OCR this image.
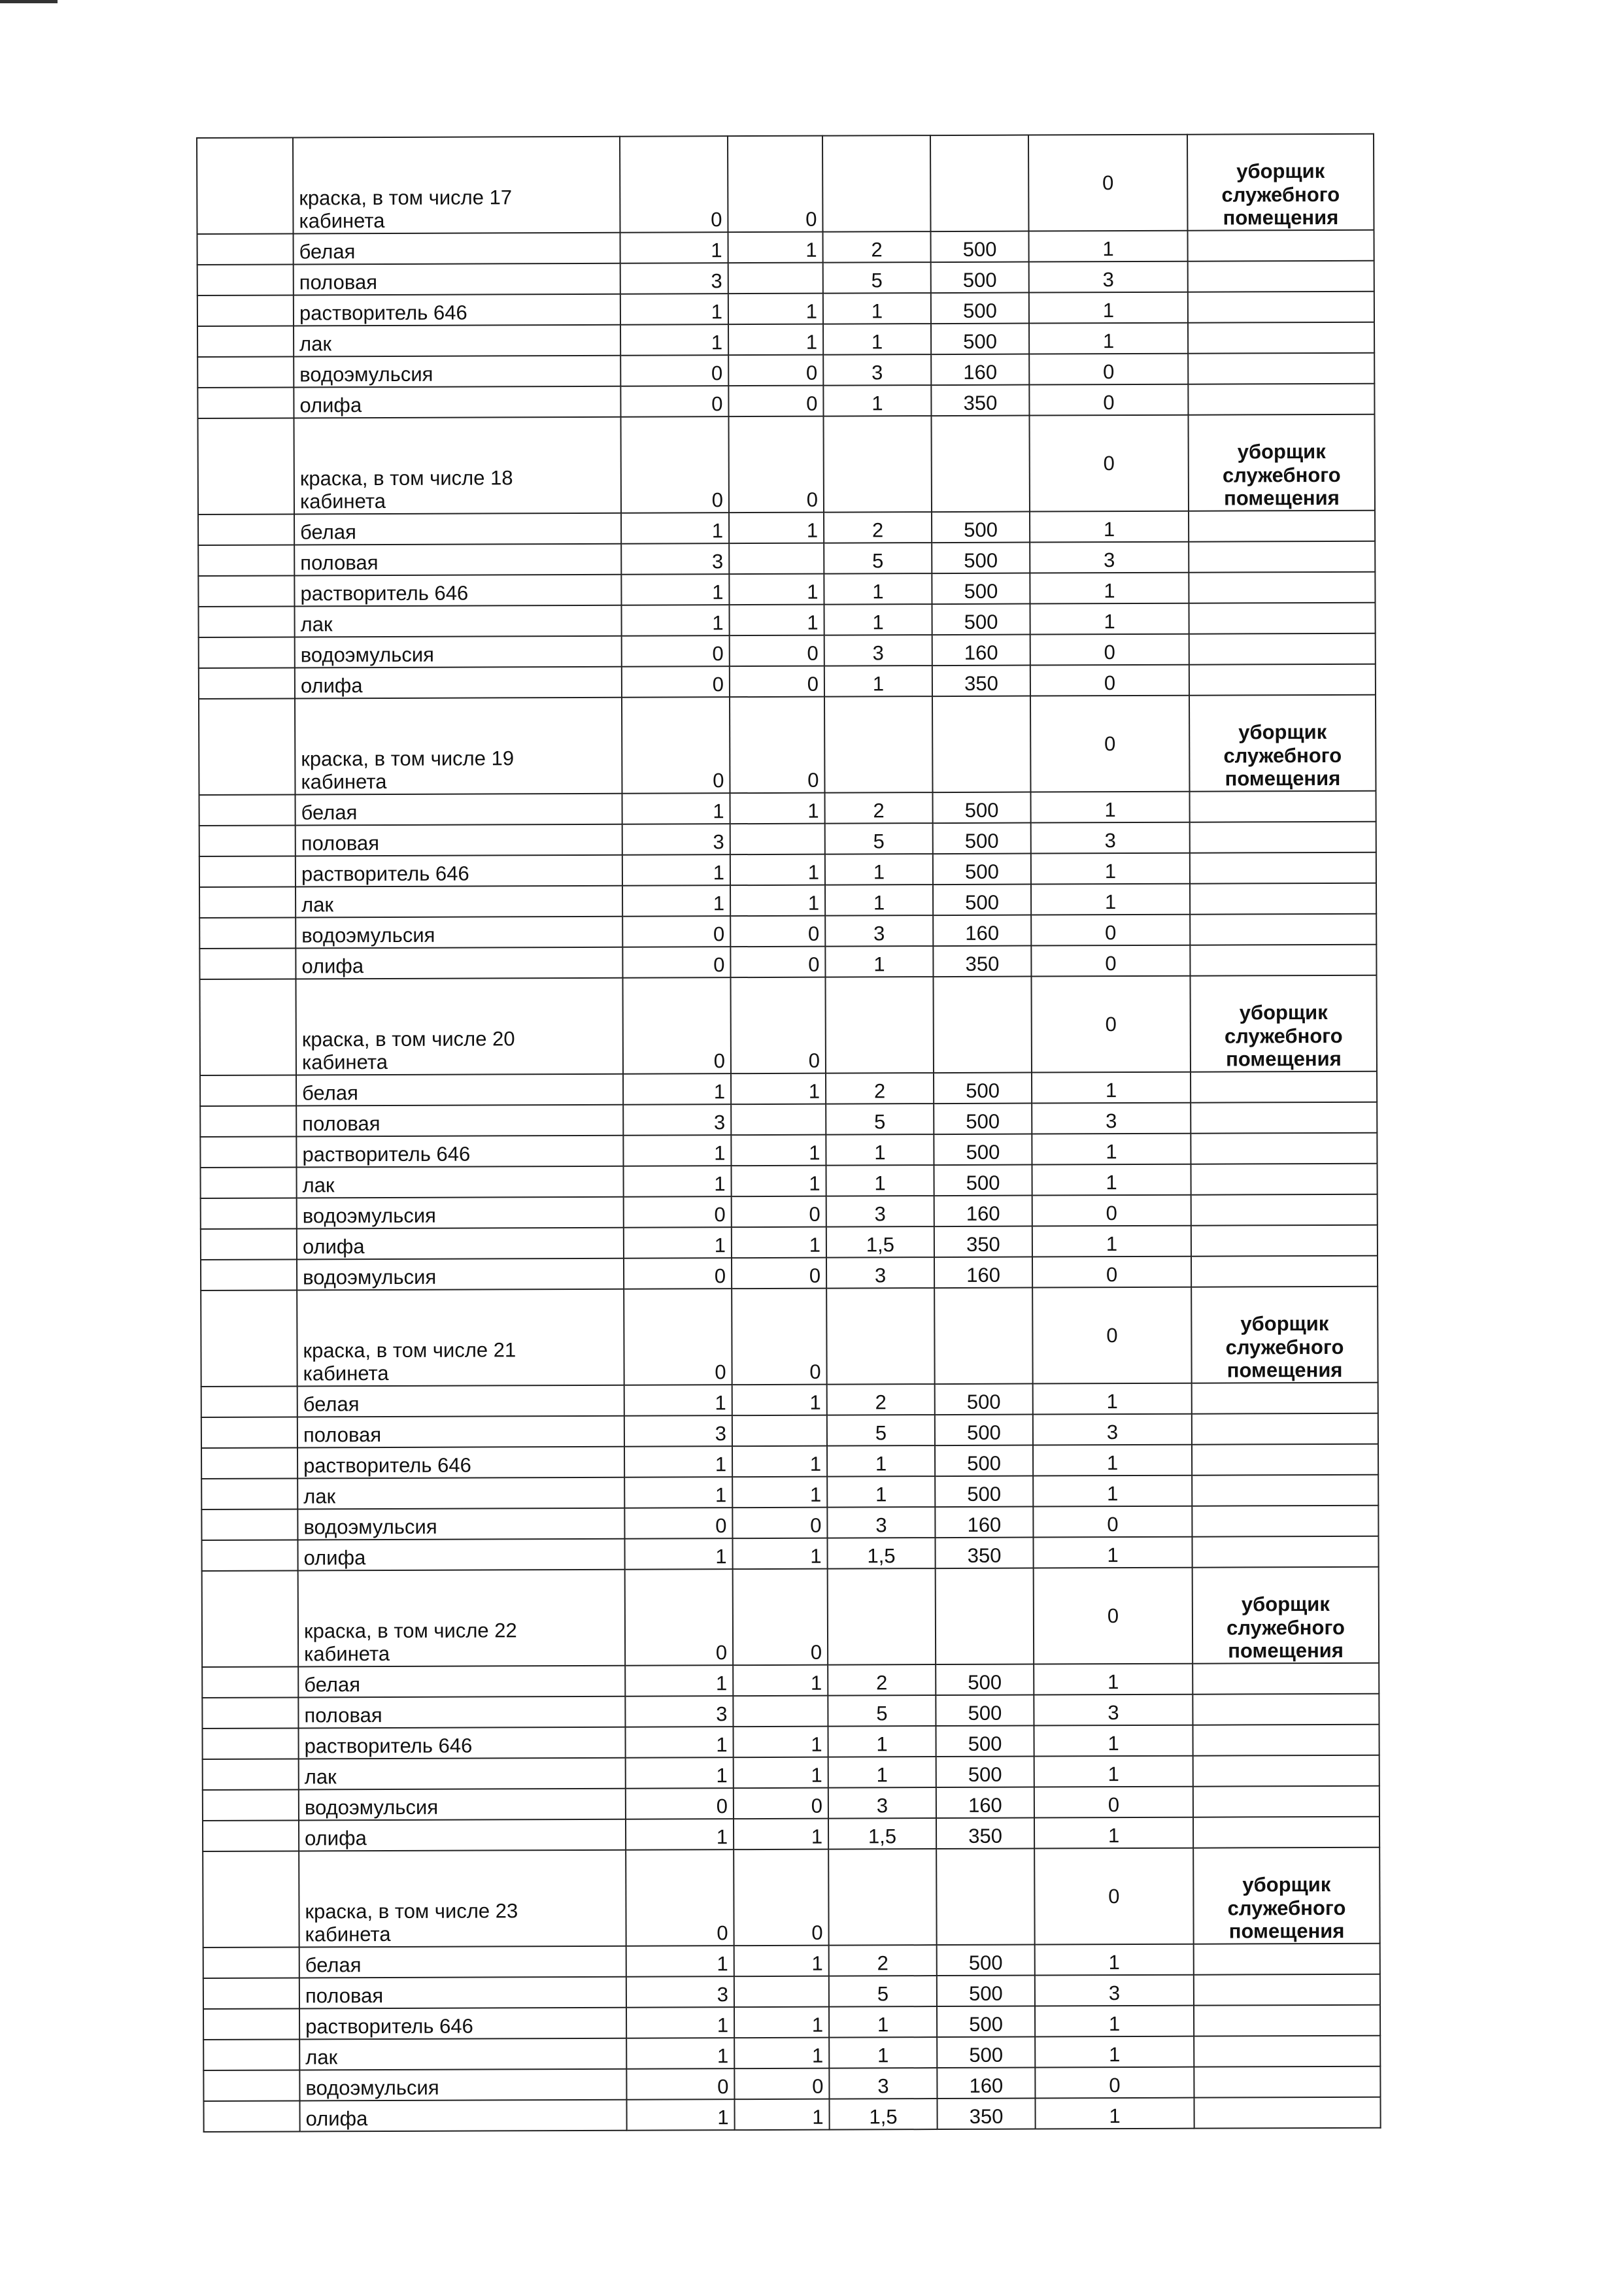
	краска, в том числе 17
кабинета	0	0			0	уборщик
служебного
помещения

	белая	1	1	2	500	1	
	половая	3		5	500	3	
	растворитель 646	1	1	1	500	1	
	лак	1	1	1	500	1	
	водоэмульсия	0	0	3	160	0	
	олифа	0	0	1	350	0	

	краска, в том числе 18
кабинета	0	0			0	уборщик
служебного
помещения

	белая	1	1	2	500	1	
	половая	3		5	500	3	
	растворитель 646	1	1	1	500	1	
	лак	1	1	1	500	1	
	водоэмульсия	0	0	3	160	0	
	олифа	0	0	1	350	0	

	краска, в том числе 19
кабинета	0	0			0	уборщик
служебного
помещения

	белая	1	1	2	500	1	
	половая	3		5	500	3	
	растворитель 646	1	1	1	500	1	
	лак	1	1	1	500	1	
	водоэмульсия	0	0	3	160	0	
	олифа	0	0	1	350	0	

	краска, в том числе 20
кабинета	0	0			0	уборщик
служебного
помещения

	белая	1	1	2	500	1	
	половая	3		5	500	3	
	растворитель 646	1	1	1	500	1	
	лак	1	1	1	500	1	
	водоэмульсия	0	0	3	160	0	
	олифа	1	1	1,5	350	1	
	водоэмульсия	0	0	3	160	0	

	краска, в том числе 21
кабинета	0	0			0	уборщик
служебного
помещения

	белая	1	1	2	500	1	
	половая	3		5	500	3	
	растворитель 646	1	1	1	500	1	
	лак	1	1	1	500	1	
	водоэмульсия	0	0	3	160	0	
	олифа	1	1	1,5	350	1	

	краска, в том числе 22
кабинета	0	0			0	уборщик
служебного
помещения

	белая	1	1	2	500	1	
	половая	3		5	500	3	
	растворитель 646	1	1	1	500	1	
	лак	1	1	1	500	1	
	водоэмульсия	0	0	3	160	0	
	олифа	1	1	1,5	350	1	

	краска, в том числе 23
кабинета	0	0			0	уборщик
служебного
помещения

	белая	1	1	2	500	1	
	половая	3		5	500	3	
	растворитель 646	1	1	1	500	1	
	лак	1	1	1	500	1	
	водоэмульсия	0	0	3	160	0	
	олифа	1	1	1,5	350	1	
